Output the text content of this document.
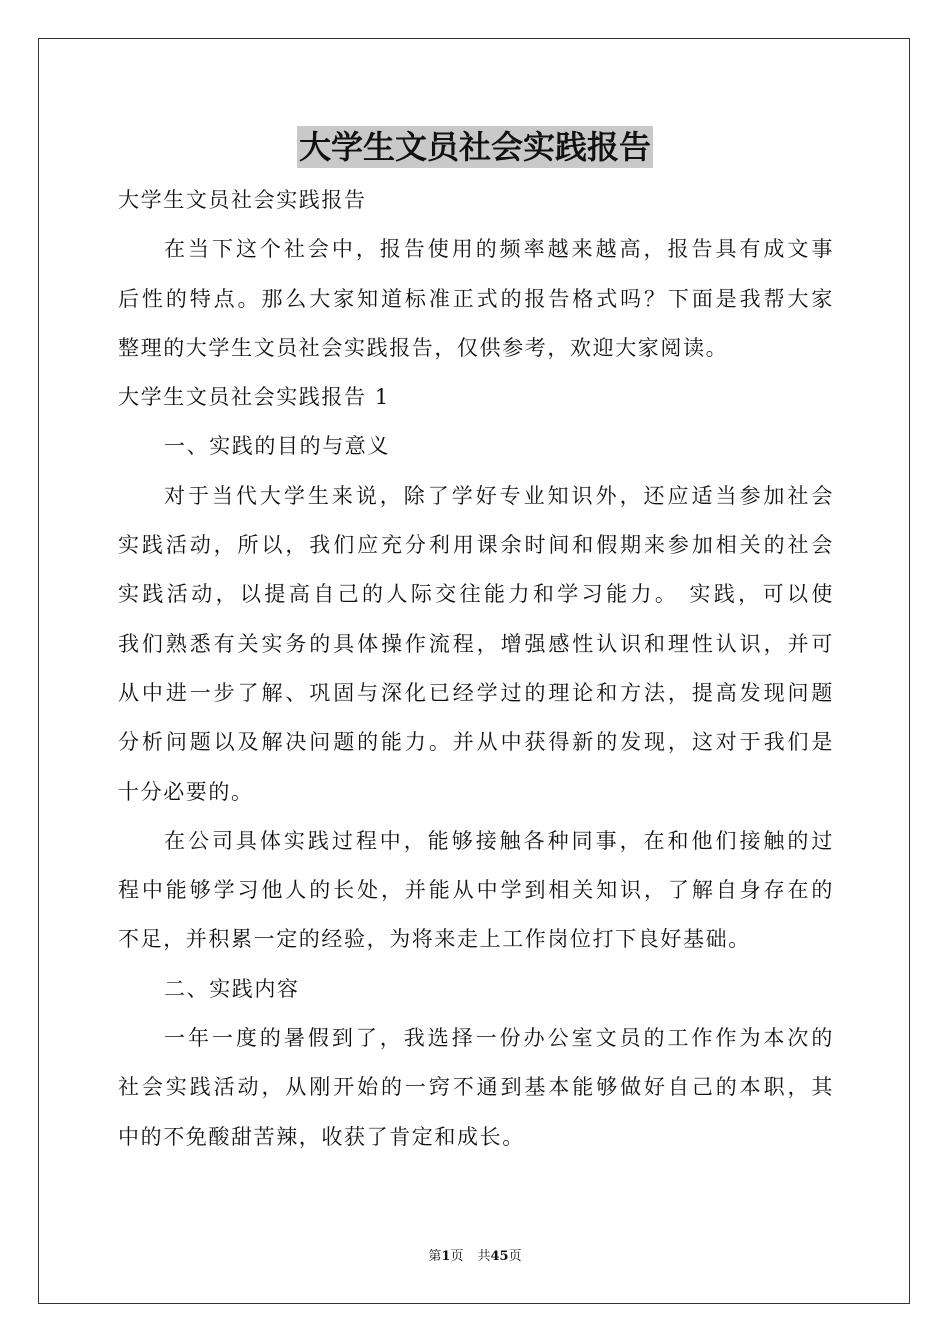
大学生文员社会实践报告
大学生文员社会实践报告
在当下这个社会中，报告使用的频率越来越高，报告具有成文事
后性的特点。那么大家知道标准正式的报告格式吗？下面是我帮大家
整理的大学生文员社会实践报告，仅供参考，欢迎大家阅读。
大学生文员社会实践报告 1
一、实践的目的与意义
对于当代大学生来说，除了学好专业知识外，还应适当参加社会
实践活动，所以，我们应充分利用课余时间和假期来参加相关的社会
实践活动，以提高自己的人际交往能力和学习能力。 实践，可以使
我们熟悉有关实务的具体操作流程，增强感性认识和理性认识，并可
从中进一步了解、巩固与深化已经学过的理论和方法，提高发现问题
分析问题以及解决问题的能力。并从中获得新的发现，这对于我们是
十分必要的。
在公司具体实践过程中，能够接触各种同事，在和他们接触的过
程中能够学习他人的长处，并能从中学到相关知识，了解自身存在的
不足，并积累一定的经验，为将来走上工作岗位打下良好基础。
二、实践内容
一年一度的暑假到了，我选择一份办公室文员的工作作为本次的
社会实践活动，从刚开始的一窍不通到基本能够做好自己的本职，其
中的不免酸甜苦辣，收获了肯定和成长。
第1页 共45页
